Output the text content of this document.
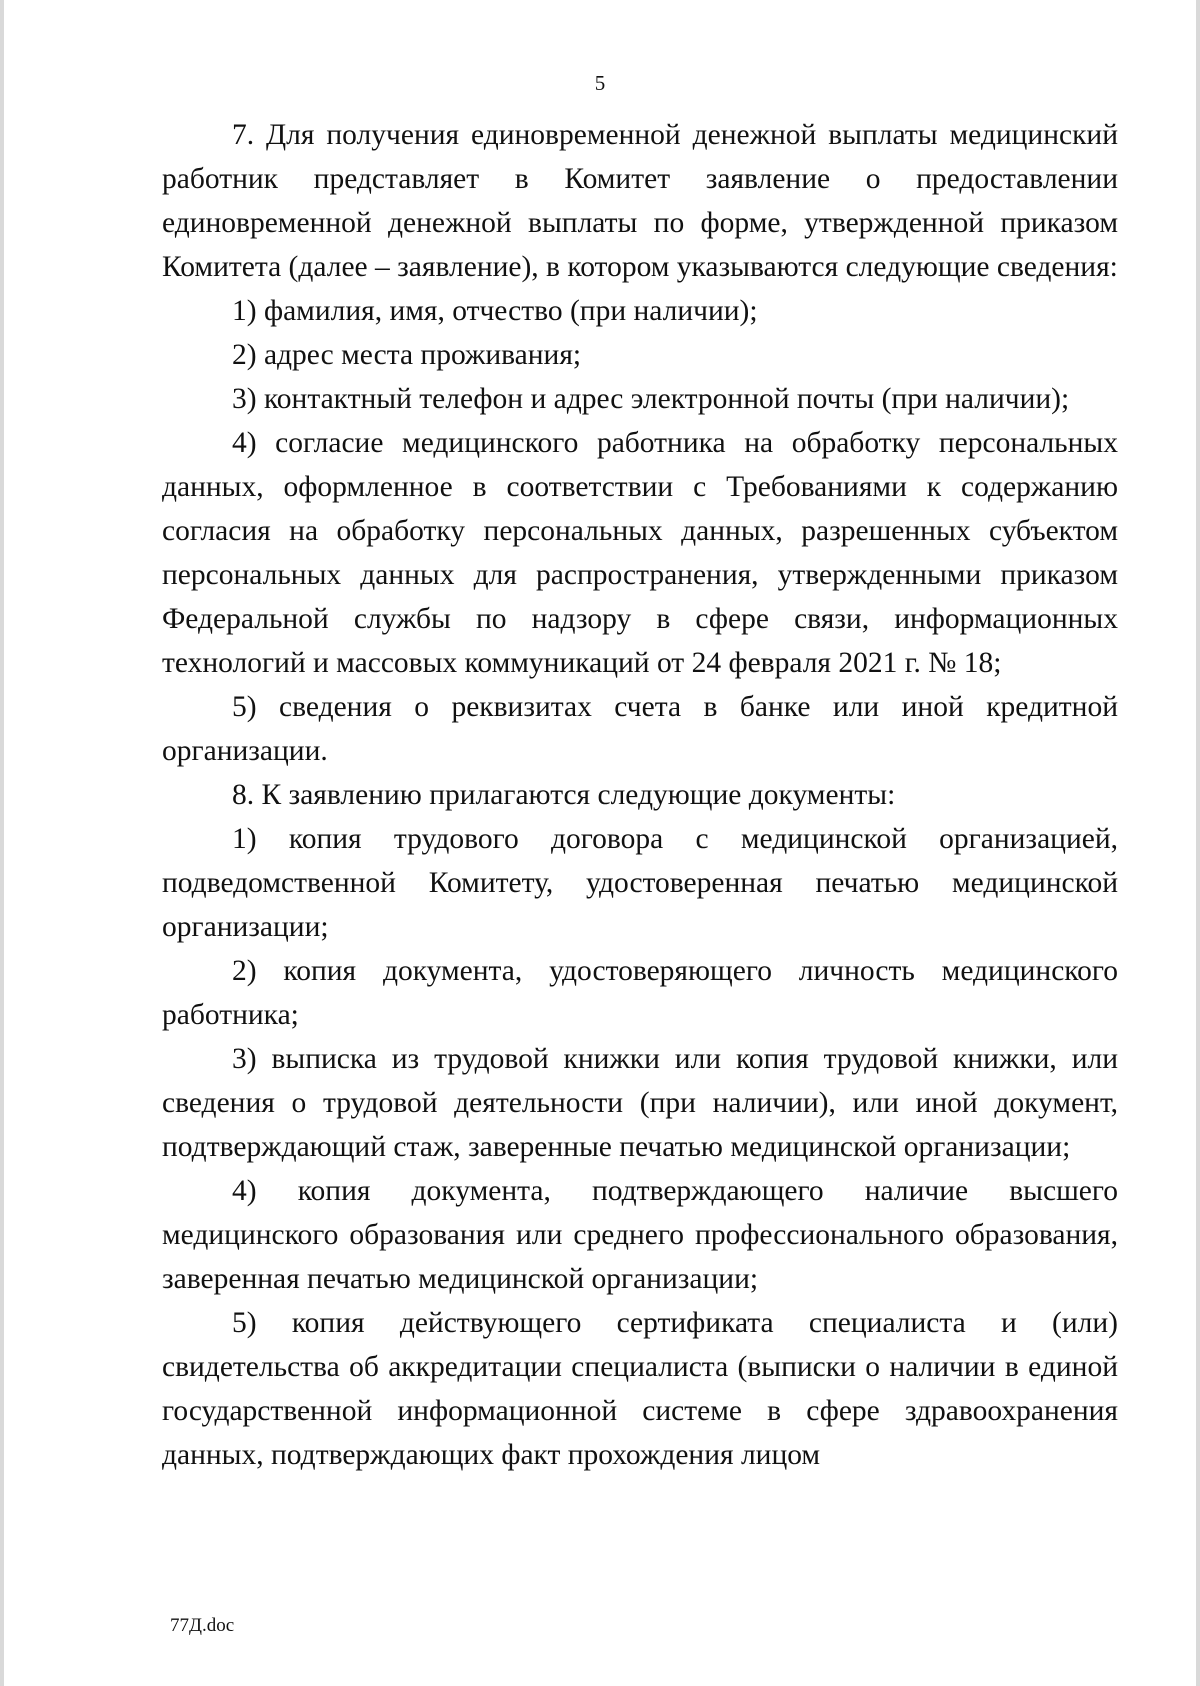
5

7. Для получения единовременной денежной выплаты медицинский работник представляет в Комитет заявление о предоставлении единовременной денежной выплаты по форме, утвержденной приказом Комитета (далее – заявление), в котором указываются следующие сведения:

1) фамилия, имя, отчество (при наличии);

2) адрес места проживания;

3) контактный телефон и адрес электронной почты (при наличии);

4) согласие медицинского работника на обработку персональных данных, оформленное в соответствии с Требованиями к содержанию согласия на обработку персональных данных, разрешенных субъектом персональных данных для распространения, утвержденными приказом Федеральной службы по надзору в сфере связи, информационных технологий и массовых коммуникаций от 24 февраля 2021 г. № 18;

5) сведения о реквизитах счета в банке или иной кредитной организации.

8. К заявлению прилагаются следующие документы:

1) копия трудового договора с медицинской организацией, подведомственной Комитету, удостоверенная печатью медицинской организации;

2) копия документа, удостоверяющего личность медицинского работника;

3) выписка из трудовой книжки или копия трудовой книжки, или сведения о трудовой деятельности (при наличии), или иной документ, подтверждающий стаж, заверенные печатью медицинской организации;

4) копия документа, подтверждающего наличие высшего медицинского образования или среднего профессионального образования, заверенная печатью медицинской организации;

5) копия действующего сертификата специалиста и (или) свидетельства об аккредитации специалиста (выписки о наличии в единой государственной информационной системе в сфере здравоохранения данных, подтверждающих факт прохождения лицом

77Д.doc
